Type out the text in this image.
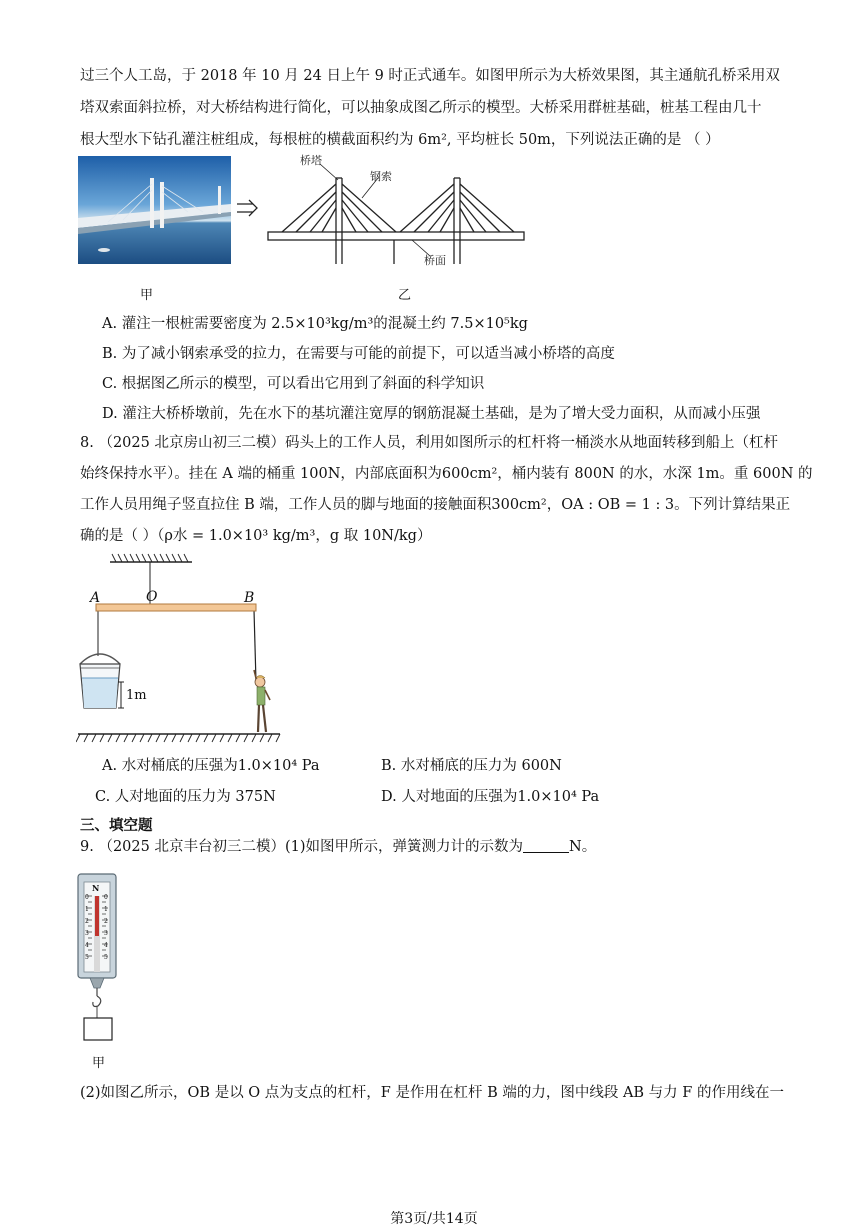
过三个人工岛，于 2018 年 10 月 24 日上午 9 时正式通车。如图甲所示为大桥效果图，其主通航孔桥采用双
塔双索面斜拉桥，对大桥结构进行简化，可以抽象成图乙所示的模型。大桥采用群桩基础，桩基工程由几十
根大型水下钻孔灌注桩组成，每根桩的横截面积约为 6m², 平均桩长 50m，下列说法正确的是 （ ）
桥塔
钢索
桥面
甲	乙
A. 灌注一根桩需要密度为 2.5×10³kg/m³的混凝土约 7.5×10⁵kg
B. 为了减小钢索承受的拉力，在需要与可能的前提下，可以适当减小桥塔的高度
C. 根据图乙所示的模型，可以看出它用到了斜面的科学知识
D. 灌注大桥桥墩前，先在水下的基坑灌注宽厚的钢筋混凝土基础，是为了增大受力面积，从而减小压强
8. （2025 北京房山初三二模）码头上的工作人员，利用如图所示的杠杆将一桶淡水从地面转移到船上（杠杆
始终保持水平）。挂在 A 端的桶重 100N，内部底面积为600cm²，桶内装有 800N 的水，水深 1m。重 600N 的
工作人员用绳子竖直拉住 B 端，工作人员的脚与地面的接触面积300cm²，OA : OB = 1 : 3。下列计算结果正
确的是（ ）（ρ水 = 1.0×10³ kg/m³，g 取 10N/kg）
A	O	B
1m
A. 水对桶底的压强为1.0×10⁴ Pa	B. 水对桶底的压力为 600N
C. 人对地面的压力为 375N	D. 人对地面的压强为1.0×10⁴ Pa
三、填空题
9. （2025 北京丰台初三二模）(1)如图甲所示，弹簧测力计的示数为	N。
N
0	0
1	1
2	2
3	3
4	4
5	5
甲
(2)如图乙所示，OB 是以 O 点为支点的杠杆，F 是作用在杠杆 B 端的力，图中线段 AB 与力 F 的作用线在一
第3页/共14页
